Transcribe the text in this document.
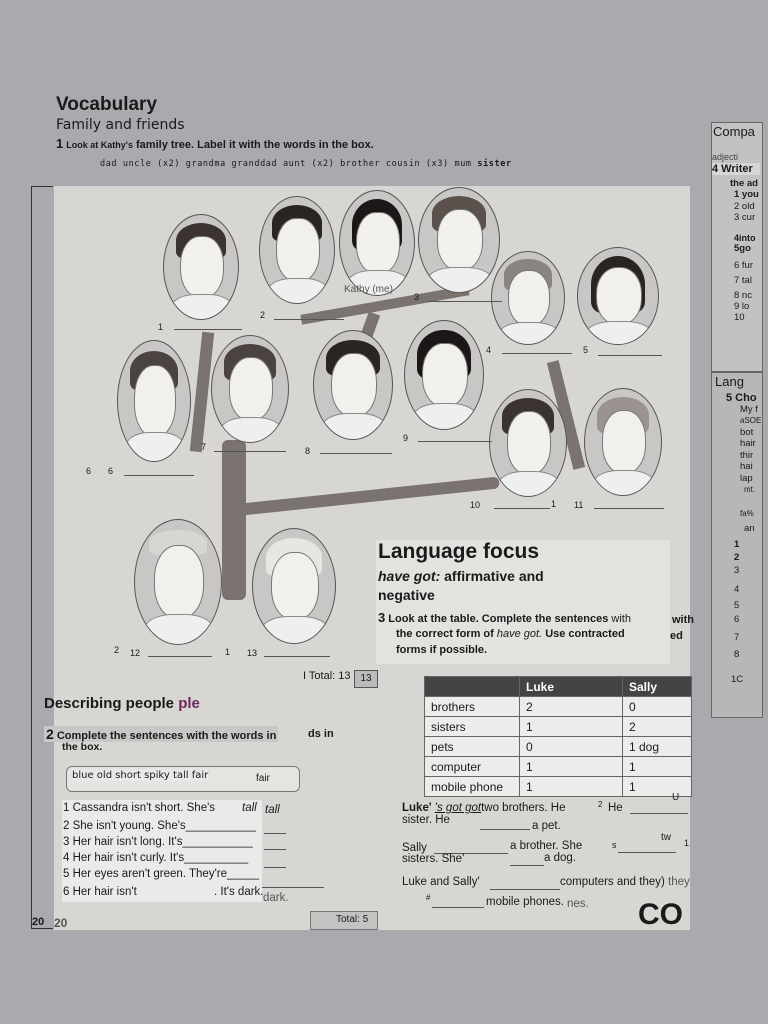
Vocabulary
Family and friends
1 Look at Kathy's family tree. Label it with the words in the box.
dad uncle (x2) grandma granddad aunt (x2) brother cousin (x3) mum sister
Kathy (me)
1
2
3
4	5
6 6
7	8
9
10	1 11
2 12	1 13
I Total: 13 13
Language focus
have got: affirmative and
negative
3 Look at the table. Complete the sentences with
the correct form of have got. Use contracted
forms if possible.
with
ed
	Luke	Sally
brothers	2	0
sisters	1	2
pets	0	1 dog
computer	1	1
mobile phone	1	1
Describing people ple
2 Complete the sentences with the words in	ds in
the box.
blue old short spiky tall fair	fair
1 Cassandra isn't short. She's tall tall
2 She isn't young. She's___________
3 Her hair isn't long. It's___________
4 Her hair isn't curly. It's__________
5 Her eyes aren't green. They're_____
6 Her hair isn't	. It's dark. dark.
Luke' 's got gottwo brothers. He	He
sister. He	a pet.
Sally	a brother. She
sisters. She'	a dog.
Luke and Sally'	computers and they) they
#	mobile phones. nes.
U
tw
s
2
1
20 20	Total: 5	CO
Compa
adjecti
4 Writer
the ad
1 you
2 old
3 cur
4into
5go
6 fur
7 tal
8 nc
9 lo
10
Lang
5 Cho
My f
aSOE
bot
hair
thir
hai
lap
mt.
fa%
an
1
2
3
4
5
6
7
8
1C
